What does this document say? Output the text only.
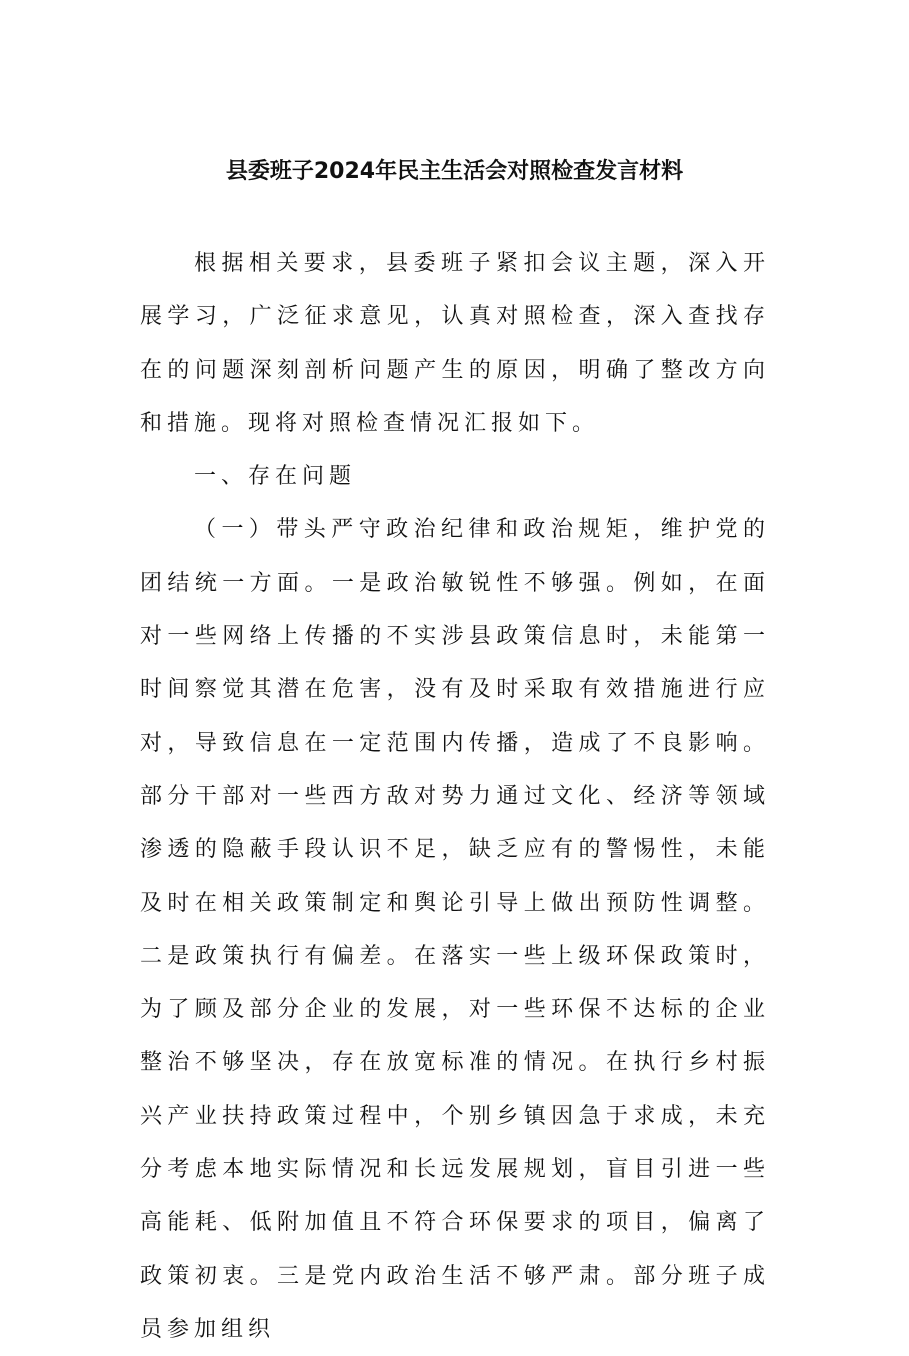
县委班子2024年民主生活会对照检查发言材料

根据相关要求，县委班子紧扣会议主题，深入开展学习，广泛征求意见，认真对照检查，深入查找存在的问题深刻剖析问题产生的原因，明确了整改方向和措施。现将对照检查情况汇报如下。

一、存在问题

（一）带头严守政治纪律和政治规矩，维护党的团结统一方面。一是政治敏锐性不够强。例如，在面对一些网络上传播的不实涉县政策信息时，未能第一时间察觉其潜在危害，没有及时采取有效措施进行应对，导致信息在一定范围内传播，造成了不良影响。部分干部对一些西方敌对势力通过文化、经济等领域渗透的隐蔽手段认识不足，缺乏应有的警惕性，未能及时在相关政策制定和舆论引导上做出预防性调整。二是政策执行有偏差。在落实一些上级环保政策时，为了顾及部分企业的发展，对一些环保不达标的企业整治不够坚决，存在放宽标准的情况。在执行乡村振兴产业扶持政策过程中，个别乡镇因急于求成，未充分考虑本地实际情况和长远发展规划，盲目引进一些高能耗、低附加值且不符合环保要求的项目，偏离了政策初衷。三是党内政治生活不够严肃。部分班子成员参加组织
